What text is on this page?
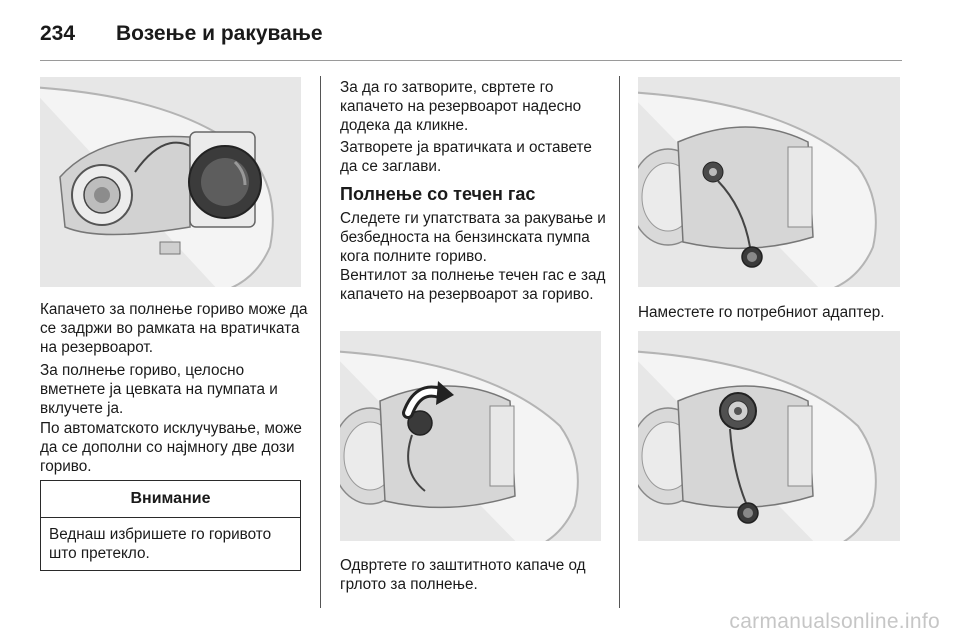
234 Возење и ракување

Капачето за полнење гориво може да се задржи во рамката на вратичката на резервоарот.

За полнење гориво, целосно вметнете ја цевката на пумпата и вклучете ја.

По автоматското исклучување, може да се дополни со најмногу две дози гориво.

Внимание
Веднаш избришете го горивото што претекло.

За да го затворите, свртете го капачето на резервоарот надесно додека да кликне.

Затворете ја вратичката и оставете да се заглави.

Полнење со течен гас

Следете ги упатствата за ракување и безбедноста на бензинската пумпа кога полните гориво.

Вентилот за полнење течен гас е зад капачето на резервоарот за гориво.

Одвртете го заштитното капаче од грлото за полнење.

Наместете го потребниот адаптер.

carmanualsonline.info
